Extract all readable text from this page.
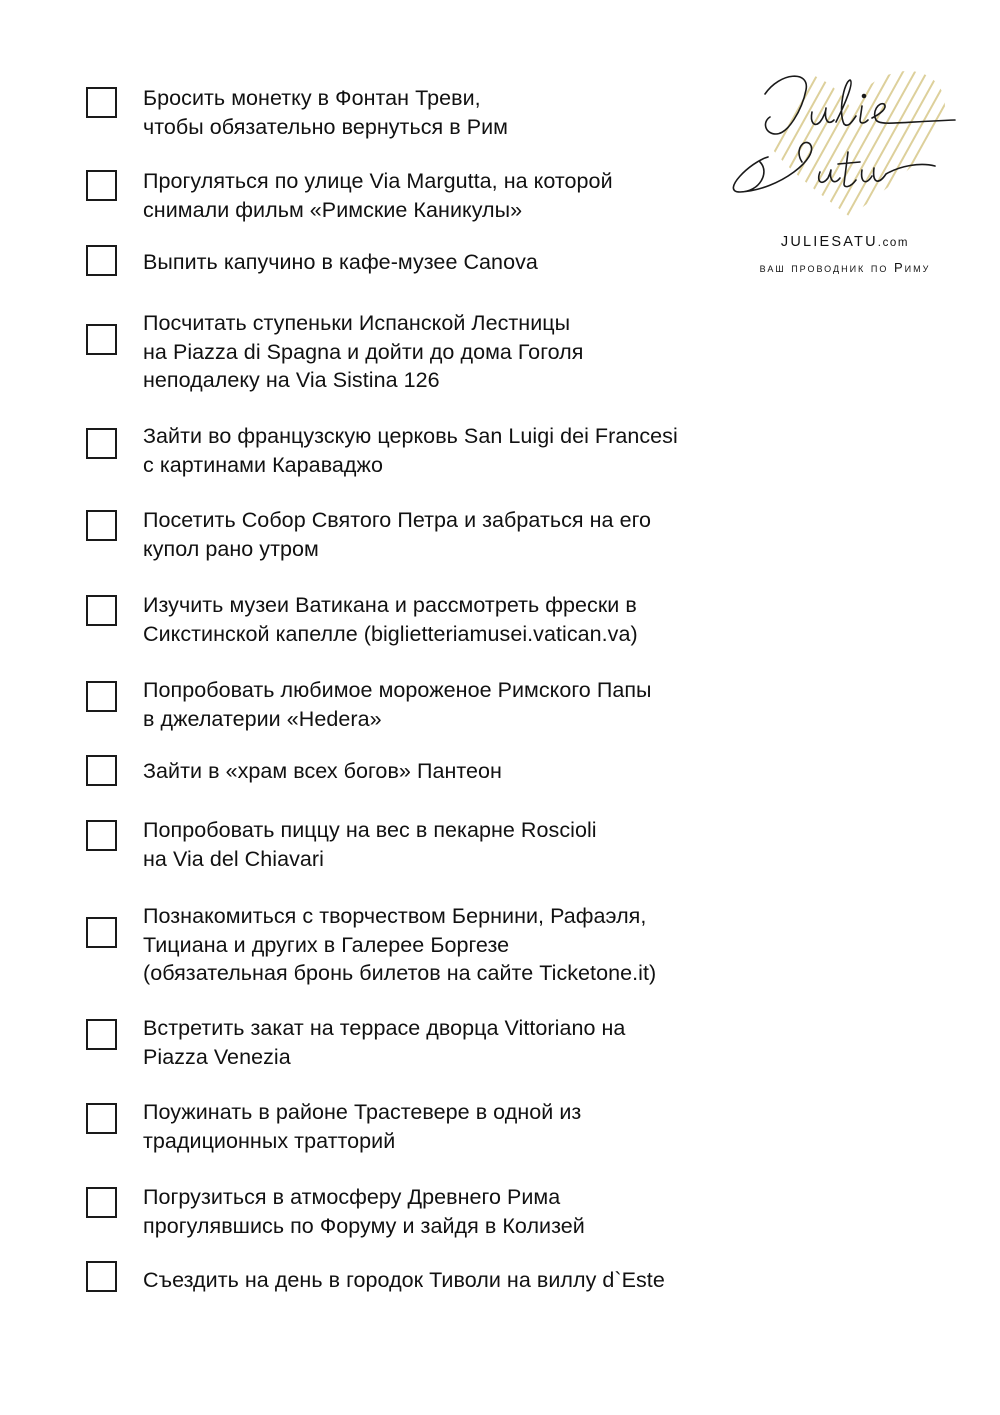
Бросить монетку в Фонтан Треви,
чтобы обязательно вернуться в Рим
Прогуляться по улице Via Margutta, на которой
снимали фильм «Римские Каникулы»
Выпить капучино в кафе-музее Canova
Посчитать ступеньки Испанской Лестницы
на Piazza di Spagna и дойти до дома Гоголя
неподалеку на Via Sistina 126
Зайти во французскую церковь San Luigi dei Francesi
с картинами Караваджо
Посетить Собор Святого Петра и забраться на его
купол рано утром
Изучить музеи Ватикана и рассмотреть фрески в
Сикстинской капелле (biglietteriamusei.vatican.va)
Попробовать любимое мороженое Римского Папы
в джелатерии «Hedera»
Зайти в «храм всех богов» Пантеон
Попробовать пиццу на вес в пекарне Roscioli
на Via del Chiavari
Познакомиться с творчеством Бернини, Рафаэля,
Тициана и других в Галерее Боргезе
(обязательная бронь билетов на сайте Ticketone.it)
Встретить закат на террасе дворца Vittoriano на
Piazza Venezia
Поужинать в районе Трастевере в одной из
традиционных тратторий
Погрузиться в атмосферу Древнего Рима
прогулявшись по Форуму и зайдя в Колизей
Съездить на день в городок Тиволи на виллу d`Este
JULIESATU.com
ваш проводник по Риму
